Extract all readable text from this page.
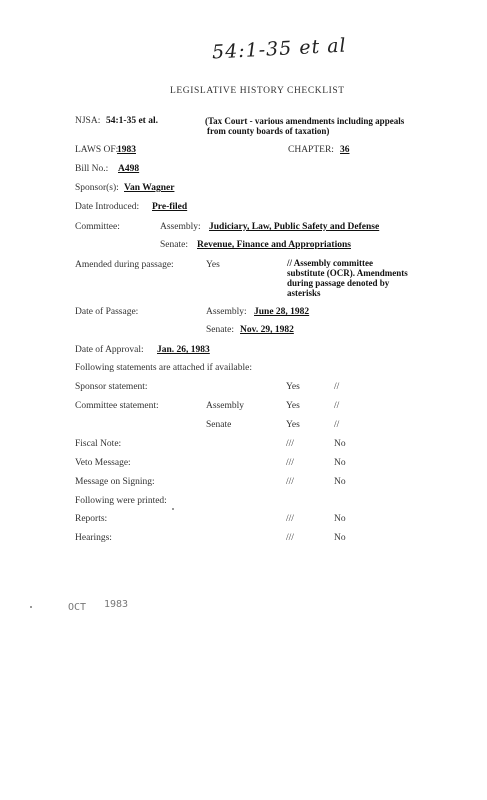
54:1-35 et al
LEGISLATIVE HISTORY CHECKLIST
NJSA: 54:1-35 et al.	(Tax Court - various amendments including appeals
from county boards of taxation)
LAWS OF:
1983	CHAPTER: 36
Bill No.: A498
Sponsor(s): Van Wagner
Date Introduced: Pre-filed
Committee:	Assembly: Judiciary, Law, Public Safety and Defense
Senate: Revenue, Finance and Appropriations
Amended during passage:	Yes	// Assembly committee
substitute (OCR). Amendments
during passage denoted by
asterisks
Date of Passage:	Assembly: June 28, 1982
Senate: Nov. 29, 1982
Date of Approval: Jan. 26, 1983
Following statements are attached if available:
Sponsor statement:	Yes	//
Committee statement:	Assembly	Yes	//
Senate	Yes	//
Fiscal Note:	///	No
Veto Message:	///	No
Message on Signing:	///	No
Following were printed:
Reports:	///	No
Hearings:	///	No
OCT 1983
